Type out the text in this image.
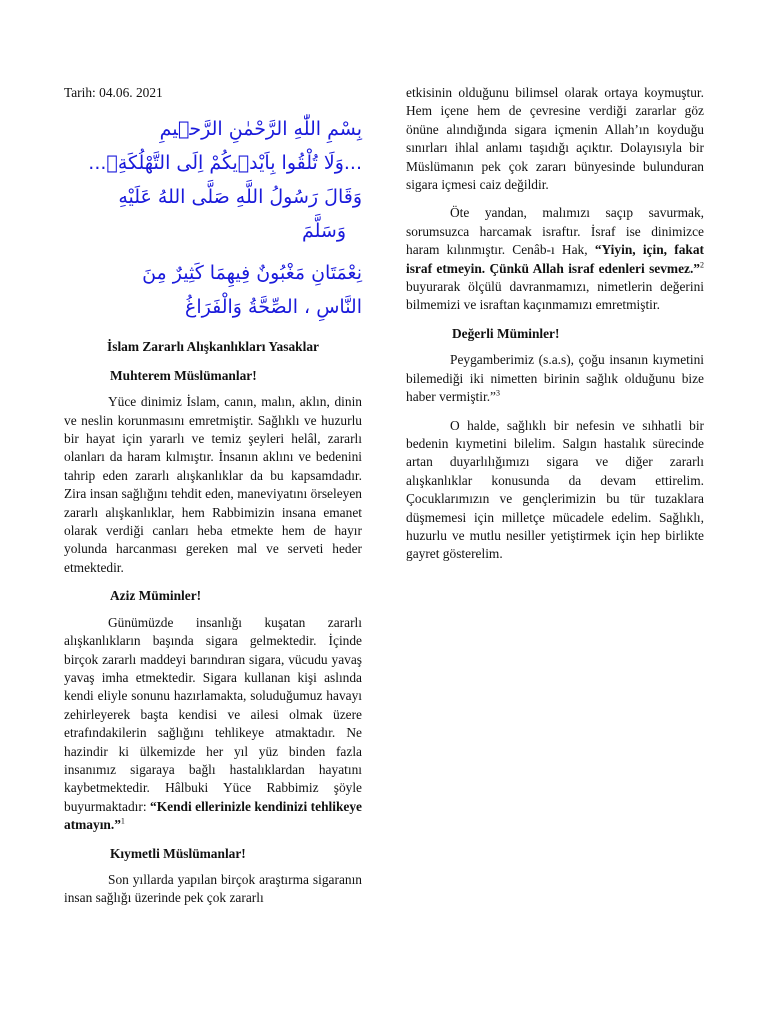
Tarih: 04.06. 2021

بِسْمِ اللّٰهِ الرَّحْمٰنِ الرَّح۪يمِ

...وَلَا تُلْقُوا بِاَيْد۪يكُمْ اِلَى التَّهْلُكَةِۚ...

وَقَالَ رَسُولُ اللَّهِ صَلَّى اللهُ عَلَيْهِ

وَسَلَّمَ

نِعْمَتَانِ مَغْبُونٌ فِيهِمَا كَثِيرٌ مِنَ

النَّاسِ ، الصِّحَّةُ وَالْفَرَاغُ

İslam Zararlı Alışkanlıkları Yasaklar

Muhterem Müslümanlar!

Yüce dinimiz İslam, canın, malın, aklın, dinin ve neslin korunmasını emretmiştir. Sağlıklı ve huzurlu bir hayat için yararlı ve temiz şeyleri helâl, zararlı olanları da haram kılmıştır. İnsanın aklını ve bedenini tahrip eden zararlı alışkanlıklar da bu kapsamdadır. Zira insan sağlığını tehdit eden, maneviyatını örseleyen zararlı alışkanlıklar, hem Rabbimizin insana emanet olarak verdiği canları heba etmekte hem de hayır yolunda harcanması gereken mal ve serveti heder etmektedir.

Aziz Müminler!

Günümüzde insanlığı kuşatan zararlı alışkanlıkların başında sigara gelmektedir. İçinde birçok zararlı maddeyi barındıran sigara, vücudu yavaş yavaş imha etmektedir. Sigara kullanan kişi aslında kendi eliyle sonunu hazırlamakta, soluduğumuz havayı zehirleyerek başta kendisi ve ailesi olmak üzere etrafındakilerin sağlığını tehlikeye atmaktadır. Ne hazindir ki ülkemizde her yıl yüz binden fazla insanımız sigaraya bağlı hastalıklardan hayatını kaybetmektedir. Hâlbuki Yüce Rabbimiz şöyle buyurmaktadır: “Kendi ellerinizle kendinizi tehlikeye atmayın.”$^1$

Kıymetli Müslümanlar!

Son yıllarda yapılan birçok araştırma sigaranın insan sağlığı üzerinde pek çok zararlı

etkisinin olduğunu bilimsel olarak ortaya koymuştur. Hem içene hem de çevresine verdiği zararlar göz önüne alındığında sigara içmenin Allah’ın koyduğu sınırları ihlal anlamı taşıdığı açıktır. Dolayısıyla bir Müslümanın pek çok zararı bünyesinde bulunduran sigara içmesi caiz değildir.

Öte yandan, malımızı saçıp savurmak, sorumsuzca harcamak israftır. İsraf ise dinimizce haram kılınmıştır. Cenâb-ı Hak, “Yiyin, için, fakat israf etmeyin. Çünkü Allah israf edenleri sevmez.”$^2$ buyurarak ölçülü davranmamızı, nimetlerin değerini bilmemizi ve israftan kaçınmamızı emretmiştir.

Değerli Müminler!

Peygamberimiz (s.a.s), çoğu insanın kıymetini bilemediği iki nimetten birinin sağlık olduğunu bize haber vermiştir.”$^3$

O halde, sağlıklı bir nefesin ve sıhhatli bir bedenin kıymetini bilelim. Salgın hastalık sürecinde artan duyarlılığımızı sigara ve diğer zararlı alışkanlıklar konusunda da devam ettirelim. Çocuklarımızın ve gençlerimizin bu tür tuzaklara düşmemesi için milletçe mücadele edelim. Sağlıklı, huzurlu ve mutlu nesiller yetiştirmek için hep birlikte gayret gösterelim.
